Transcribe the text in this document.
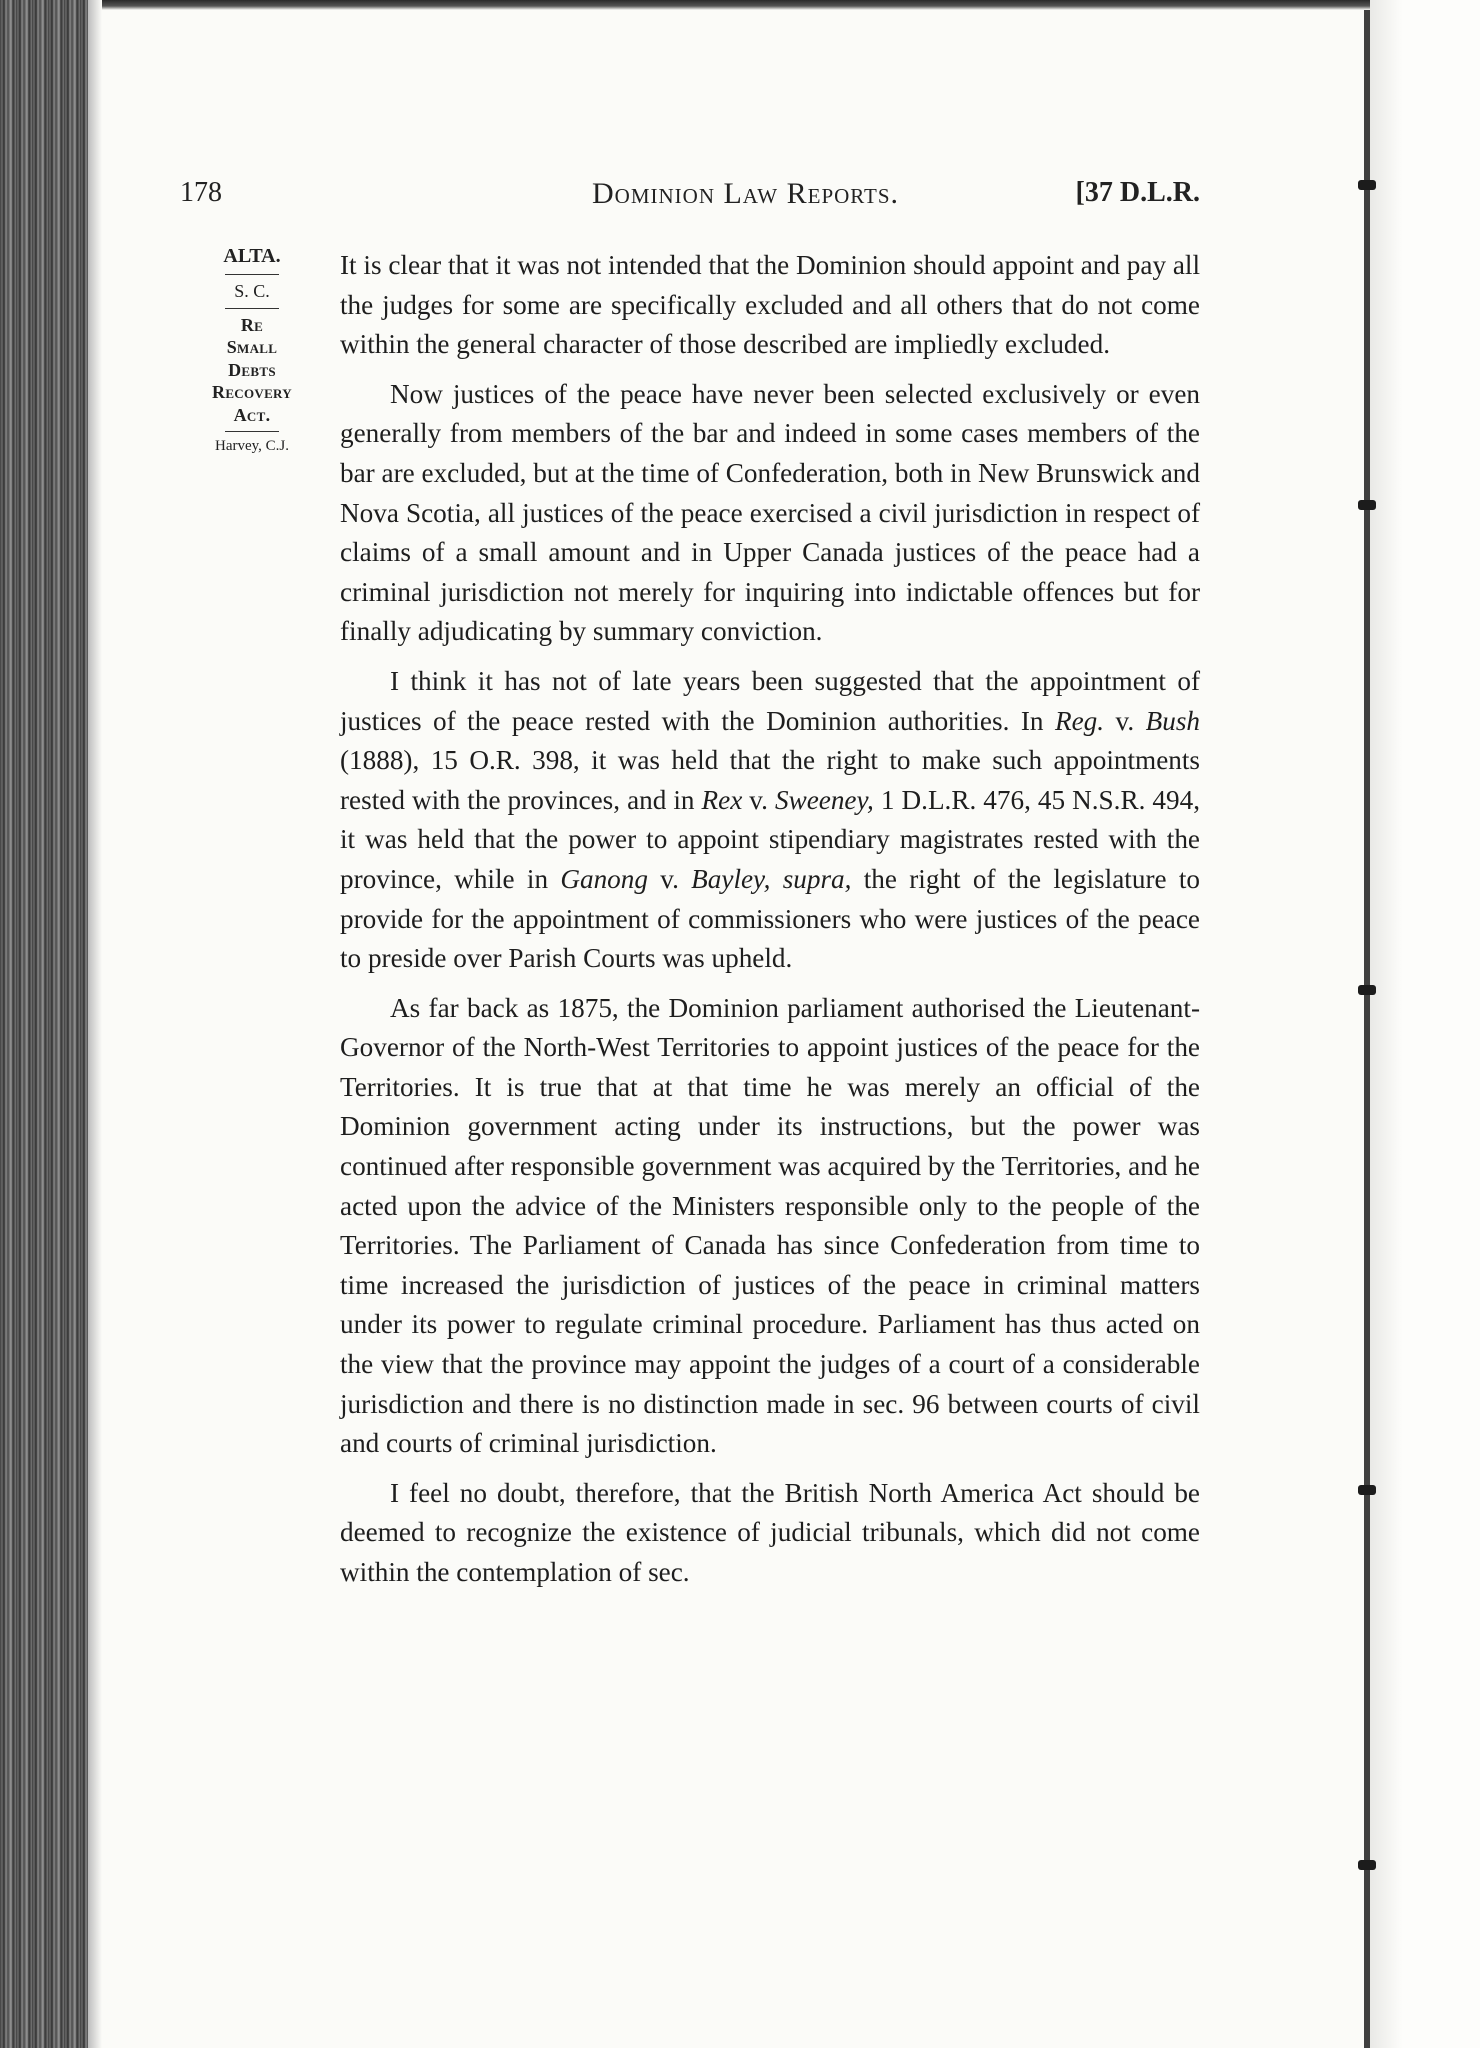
178	Dominion Law Reports.	[37 D.L.R.
ALTA.
S. C.
Re
Small
Debts
Recovery
Act.
Harvey, C.J.

It is clear that it was not intended that the Dominion should appoint and pay all the judges for some are specifically excluded and all others that do not come within the general character of those described are impliedly excluded.

Now justices of the peace have never been selected exclusively or even generally from members of the bar and indeed in some cases members of the bar are excluded, but at the time of Confederation, both in New Brunswick and Nova Scotia, all justices of the peace exercised a civil jurisdiction in respect of claims of a small amount and in Upper Canada justices of the peace had a criminal jurisdiction not merely for inquiring into indictable offences but for finally adjudicating by summary conviction.

I think it has not of late years been suggested that the appointment of justices of the peace rested with the Dominion authorities. In Reg. v. Bush (1888), 15 O.R. 398, it was held that the right to make such appointments rested with the provinces, and in Rex v. Sweeney, 1 D.L.R. 476, 45 N.S.R. 494, it was held that the power to appoint stipendiary magistrates rested with the province, while in Ganong v. Bayley, supra, the right of the legislature to provide for the appointment of commissioners who were justices of the peace to preside over Parish Courts was upheld.

As far back as 1875, the Dominion parliament authorised the Lieutenant-Governor of the North-West Territories to appoint justices of the peace for the Territories. It is true that at that time he was merely an official of the Dominion government acting under its instructions, but the power was continued after responsible government was acquired by the Territories, and he acted upon the advice of the Ministers responsible only to the people of the Territories. The Parliament of Canada has since Confederation from time to time increased the jurisdiction of justices of the peace in criminal matters under its power to regulate criminal procedure. Parliament has thus acted on the view that the province may appoint the judges of a court of a considerable jurisdiction and there is no distinction made in sec. 96 between courts of civil and courts of criminal jurisdiction.

I feel no doubt, therefore, that the British North America Act should be deemed to recognize the existence of judicial tribunals, which did not come within the contemplation of sec.
